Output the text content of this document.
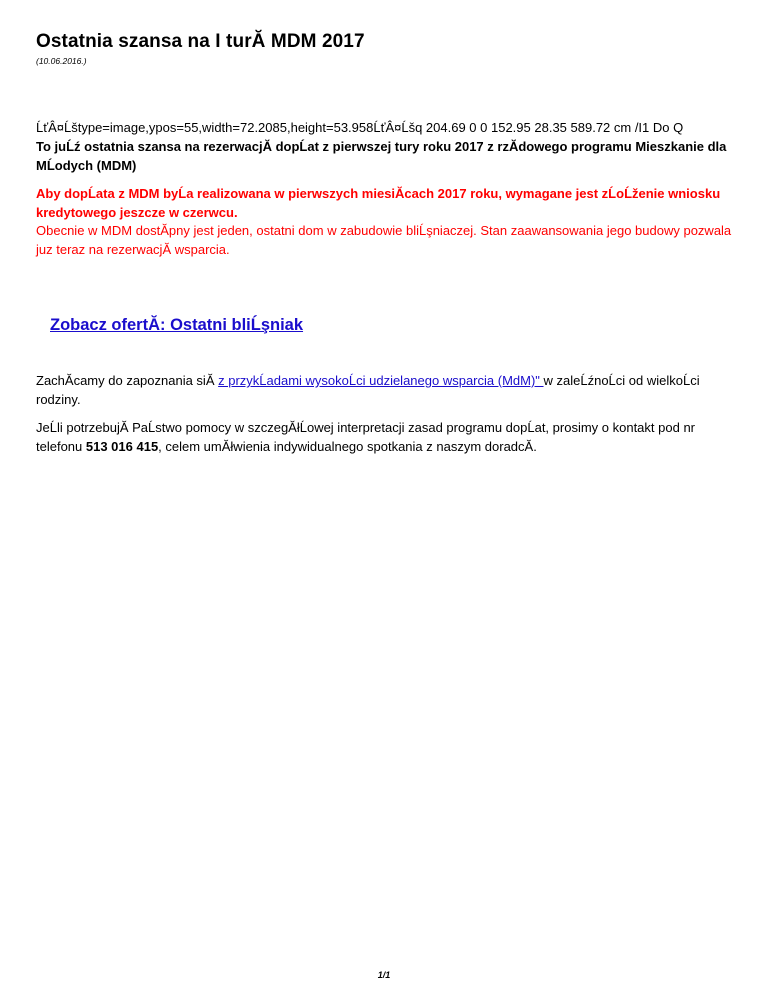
Ostatnia szansa na I turĂ MDM 2017
(10.06.2016.)
ĹťÂ¤Ĺštype=image,ypos=55,width=72.2085,height=53.958ĹťÂ¤Ĺšq 204.69 0 0 152.95 28.35 589.72 cm /I1 Do Q
To juĹź ostatnia szansa na rezerwacjĂ dopĹat z pierwszej tury roku 2017 z rzĂdowego programu Mieszkanie dla MĹodych (MDM)
Aby dopĹata z MDM byĹa realizowana w pierwszych miesiĂcach 2017 roku, wymagane jest zĹoĹženie wniosku kredytowego jeszcze w czerwcu.
Obecnie w MDM dostĂpny jest jeden, ostatni dom w zabudowie bliĹşniaczej. Stan zaawansowania jego budowy pozwala juz teraz na rezerwacjĂ wsparcia.
Zobacz ofertĂ: Ostatni bliĹşniak
ZachĂcamy do zapoznania siĂ z przykĹadami wysokoĹci udzielanego wsparcia (MdM)" w zaleĹźnoĹci od wielkoĹci rodziny.
JeĹli potrzebujĂ PaĹstwo pomocy w szczegĂłĹowej interpretacji zasad programu dopĹat, prosimy o kontakt pod nr telefonu 513 016 415, celem umĂłwienia indywidualnego spotkania z naszym doradcĂ.
1/1
